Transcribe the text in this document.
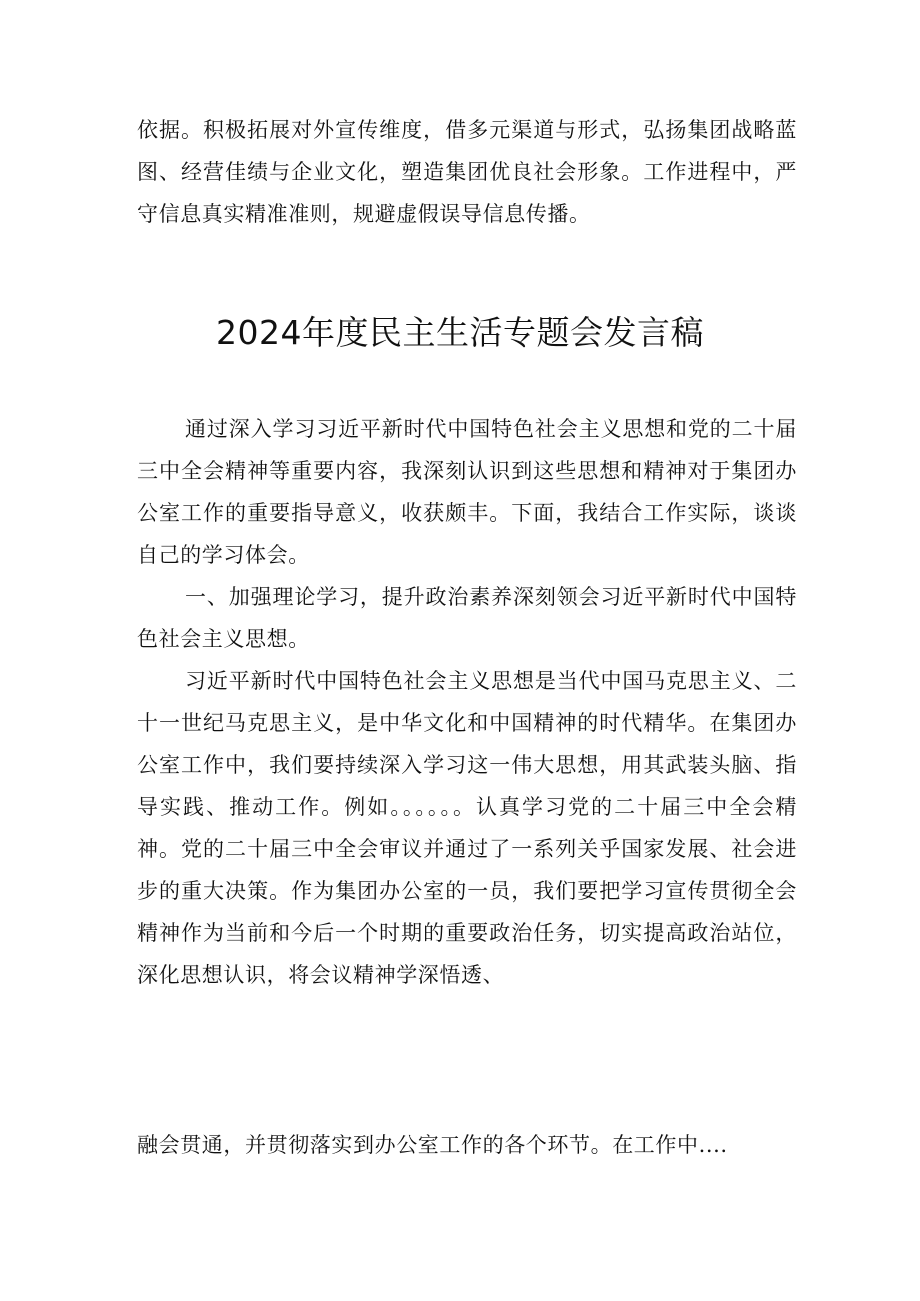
依据。积极拓展对外宣传维度，借多元渠道与形式，弘扬集团战略蓝图、经营佳绩与企业文化，塑造集团优良社会形象。工作进程中，严守信息真实精准准则，规避虚假误导信息传播。

2024年度民主生活专题会发言稿

通过深入学习习近平新时代中国特色社会主义思想和党的二十届三中全会精神等重要内容，我深刻认识到这些思想和精神对于集团办公室工作的重要指导意义，收获颇丰。下面，我结合工作实际，谈谈自己的学习体会。

一、加强理论学习，提升政治素养深刻领会习近平新时代中国特色社会主义思想。

习近平新时代中国特色社会主义思想是当代中国马克思主义、二十一世纪马克思主义，是中华文化和中国精神的时代精华。在集团办公室工作中，我们要持续深入学习这一伟大思想，用其武装头脑、指导实践、推动工作。例如。。。。。。认真学习党的二十届三中全会精神。党的二十届三中全会审议并通过了一系列关乎国家发展、社会进步的重大决策。作为集团办公室的一员，我们要把学习宣传贯彻全会精神作为当前和今后一个时期的重要政治任务，切实提高政治站位，深化思想认识，将会议精神学深悟透、

融会贯通，并贯彻落实到办公室工作的各个环节。在工作中....
